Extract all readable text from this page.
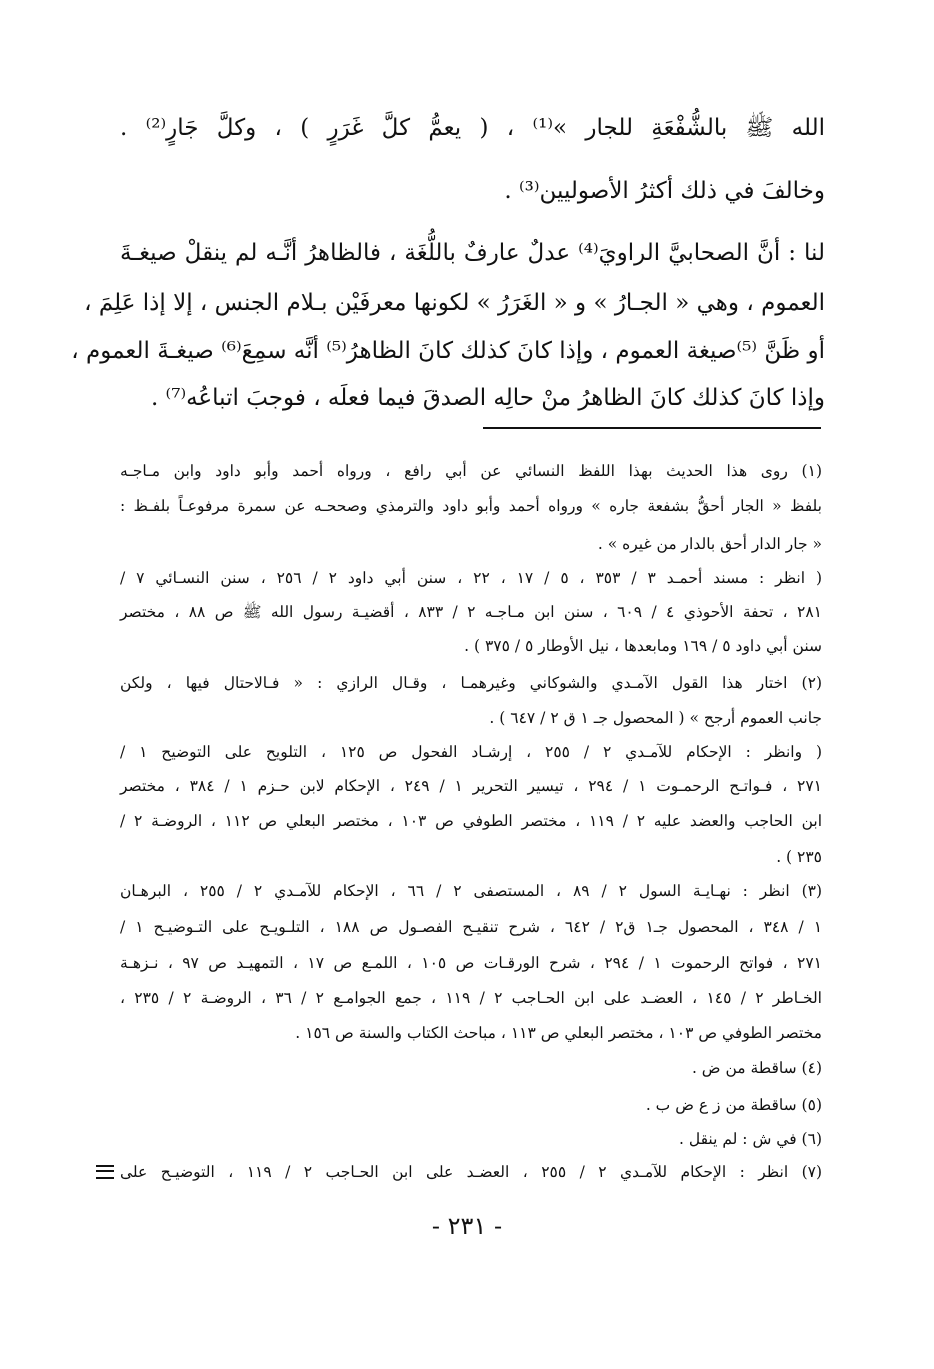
الله ﷺ بالشُّفْعَةِ للجار »⁽¹⁾ ، ( يعمُّ كلَّ غَرَرٍ ) ، وكلَّ جَارٍ⁽²⁾ .
وخالفَ في ذلك أكثرُ الأصوليين⁽³⁾ .
لنا : أنَّ الصحابيَّ الراويَ⁽⁴⁾ عدلٌ عارفٌ باللُّغَة ، فالظاهرُ أنَّـه لم ينقلْ صيغـةَ
العموم ، وهي « الجـارُ » و « الغَرَرُ » لكونها معرفَيْن بـلام الجنس ، إلا إذا عَلِمَ ،
أو ظَنَّ ⁽⁵⁾صيغة العموم ، وإذا كانَ كذلك كانَ الظاهرُ⁽⁵⁾ أنَّه سمِعَ⁽⁶⁾ صيغـةَ العموم ،
وإذا كانَ كذلك كانَ الظاهرُ منْ حالِه الصدقَ فيما فعلَه ، فوجبَ اتباعُه⁽⁷⁾ .
(١) روى هذا الحديث بهذا اللفظ النسائي عن أبي رافع ، ورواه أحمد وأبو داود وابن مـاجـه
بلفظ « الجار أحقُّ بشفعة جاره » ورواه أحمد وأبو داود والترمذي وصححـه عن سمرة مرفوعـاً بلفـظ :
« جار الدار أحق بالدار من غيره » .
( انظر : مسند أحمـد ٣ / ٣٥٣ ، ٥ / ١٧ ، ٢٢ ، سنن أبي داود ٢ / ٢٥٦ ، سنن النسـائي ٧ /
٢٨١ ، تحفة الأحوذي ٤ / ٦٠٩ ، سنن ابن مـاجـه ٢ / ٨٣٣ ، أقضيـة رسول الله ﷺ ص ٨٨ ، مختصر
سنن أبي داود ٥ / ١٦٩ ومابعدها ، نيل الأوطار ٥ / ٣٧٥ ) .
(٢) اختار هذا القول الآمـدي والشوكاني وغيرهمـا ، وقـال الرازي : « فـالاحتال فيها ، ولكن
جانب العموم أرجح » ( المحصول جـ ١ ق ٢ / ٦٤٧ ) .
( وانظر : الإحكام للآمـدي ٢ / ٢٥٥ ، إرشـاد الفحول ص ١٢٥ ، التلويح على التوضيح ١ /
٢٧١ ، فـواتـح الرحمـوت ١ / ٢٩٤ ، تيسير التحرير ١ / ٢٤٩ ، الإحكام لابن حـزم ١ / ٣٨٤ ، مختصر
ابن الحاجب والعضد عليه ٢ / ١١٩ ، مختصر الطوفي ص ١٠٣ ، مختصر البعلي ص ١١٢ ، الروضـة ٢ /
٢٣٥ ) .
(٣) انظر : نهـايـة السول ٢ / ٨٩ ، المستصفى ٢ / ٦٦ ، الإحكام للآمـدي ٢ / ٢٥٥ ، البرهـان
١ / ٣٤٨ ، المحصول جـ١ ق٢ / ٦٤٢ ، شرح تنقيـح الفصـول ص ١٨٨ ، التلـويـح على التـوضيـح ١ /
٢٧١ ، فواتح الرحموت ١ / ٢٩٤ ، شرح الورقـات ص ١٠٥ ، اللمـع ص ١٧ ، التمهيـد ص ٩٧ ، نـزهـة
الخـاطر ٢ / ١٤٥ ، العضـد على ابن الحـاجب ٢ / ١١٩ ، جمع الجوامـع ٢ / ٣٦ ، الروضـة ٢ / ٢٣٥ ،
مختصر الطوفي ص ١٠٣ ، مختصر البعلي ص ١١٣ ، مباحث الكتاب والسنة ص ١٥٦ .
(٤) ساقطة من ض .
(٥) ساقطة من ز ع ض ب .
(٦) في ش : لم ينقل .
(٧) انظر : الإحكام للآمـدي ٢ / ٢٥٥ ، العضـد على ابن الحـاجب ٢ / ١١٩ ، التوضيـح على
- ٢٣١ -
